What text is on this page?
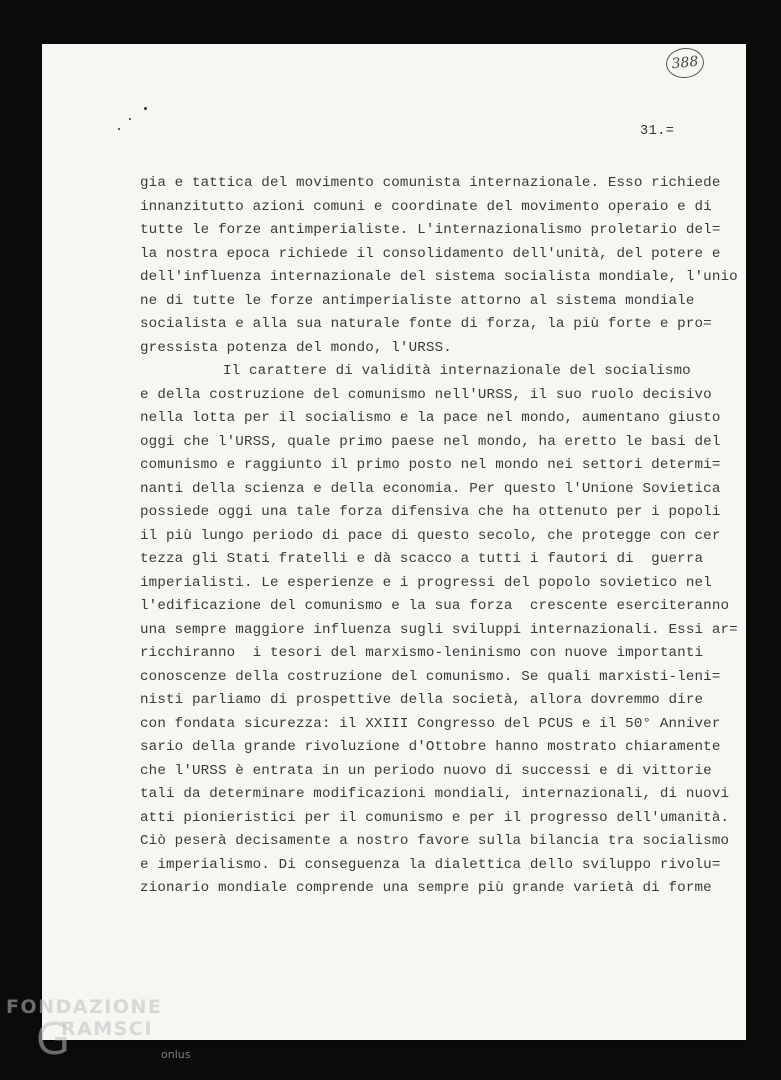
388
31.=
gia e tattica del movimento comunista internazionale. Esso richiede
innanzitutto azioni comuni e coordinate del movimento operaio e di
tutte le forze antimperialiste. L'internazionalismo proletario del=
la nostra epoca richiede il consolidamento dell'unità, del potere e
dell'influenza internazionale del sistema socialista mondiale, l'unio
ne di tutte le forze antimperialiste attorno al sistema mondiale
socialista e alla sua naturale fonte di forza, la più forte e pro=
gressista potenza del mondo, l'URSS.
Il carattere di validità internazionale del socialismo
e della costruzione del comunismo nell'URSS, il suo ruolo decisivo
nella lotta per il socialismo e la pace nel mondo, aumentano giusto
oggi che l'URSS, quale primo paese nel mondo, ha eretto le basi del
comunismo e raggiunto il primo posto nel mondo nei settori determi=
nanti della scienza e della economia. Per questo l'Unione Sovietica
possiede oggi una tale forza difensiva che ha ottenuto per i popoli
il più lungo periodo di pace di questo secolo, che protegge con cer
tezza gli Stati fratelli e dà scacco a tutti i fautori di  guerra
imperialisti. Le esperienze e i progressi del popolo sovietico nel
l'edificazione del comunismo e la sua forza  crescente eserciteranno
una sempre maggiore influenza sugli sviluppi internazionali. Essi ar=
ricchiranno  i tesori del marxismo-leninismo con nuove importanti
conoscenze della costruzione del comunismo. Se quali marxisti-leni=
nisti parliamo di prospettive della società, allora dovremmo dire
con fondata sicurezza: il XXIII Congresso del PCUS e il 50° Anniver
sario della grande rivoluzione d'Ottobre hanno mostrato chiaramente
che l'URSS è entrata in un periodo nuovo di successi e di vittorie
tali da determinare modificazioni mondiali, internazionali, di nuovi
atti pionieristici per il comunismo e per il progresso dell'umanità.
Ciò peserà decisamente a nostro favore sulla bilancia tra socialismo
e imperialismo. Di conseguenza la dialettica dello sviluppo rivolu=
zionario mondiale comprende una sempre più grande varietà di forme
FONDAZIONE
G
RAMSCI
onlus
